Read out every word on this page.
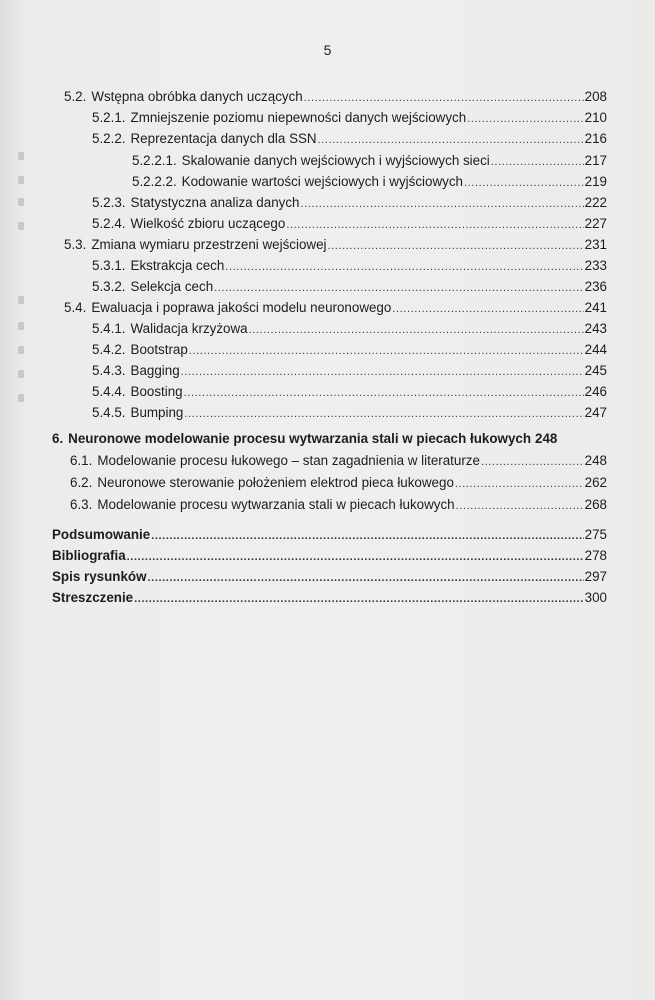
5
5.2. Wstępna obróbka danych uczących .....	208
5.2.1. Zmniejszenie poziomu niepewności danych wejściowych .....	210
5.2.2. Reprezentacja danych dla SSN .....	216
5.2.2.1. Skalowanie danych wejściowych i wyjściowych sieci .....	217
5.2.2.2. Kodowanie wartości wejściowych i wyjściowych .....	219
5.2.3. Statystyczna analiza danych .....	222
5.2.4. Wielkość zbioru uczącego .....	227
5.3. Zmiana wymiaru przestrzeni wejściowej .....	231
5.3.1. Ekstrakcja cech .....	233
5.3.2. Selekcja cech .....	236
5.4. Ewaluacja i poprawa jakości modelu neuronowego .....	241
5.4.1. Walidacja krzyżowa .....	243
5.4.2. Bootstrap .....	244
5.4.3. Bagging .....	245
5.4.4. Boosting .....	246
5.4.5. Bumping .....	247
6. Neuronowe modelowanie procesu wytwarzania stali w piecach łukowych 248
6.1. Modelowanie procesu łukowego – stan zagadnienia w literaturze .....	248
6.2. Neuronowe sterowanie położeniem elektrod pieca łukowego .....	262
6.3. Modelowanie procesu wytwarzania stali w piecach łukowych .....	268
Podsumowanie .....	275
Bibliografia .....	278
Spis rysunków .....	297
Streszczenie .....	300
